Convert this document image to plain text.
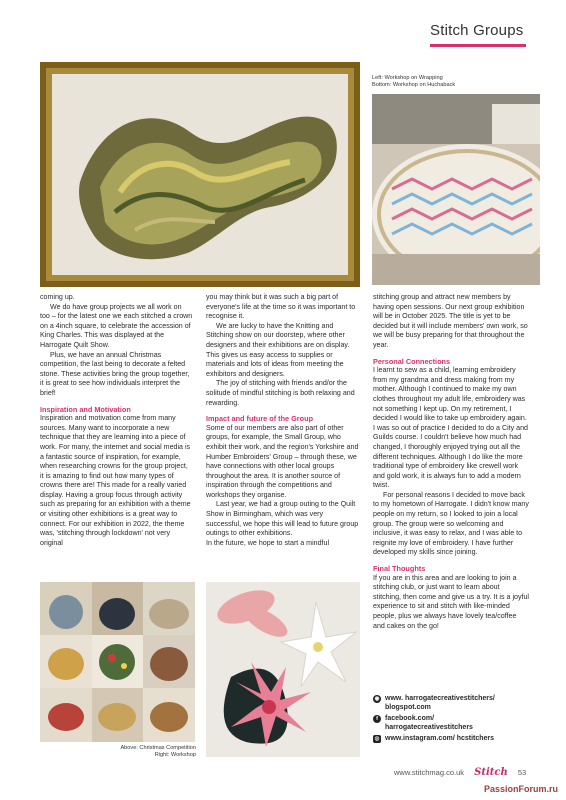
Stitch Groups
Left: Workshop on Wrapping
Bottom: Workshop on Huchaback

coming up.

We do have group projects we all work on too – for the latest one we each stitched a crown on a 4inch square, to celebrate the accession of King Charles. This was displayed at the Harrogate Quilt Show.

Plus, we have an annual Christmas competition, the last being to decorate a felted stone. These activities bring the group together, it is great to see how individuals interpret the brief!

Inspiration and Motivation

Inspiration and motivation come from many sources. Many want to incorporate a new technique that they are learning into a piece of work. For many, the internet and social media is a fantastic source of inspiration, for example, when researching crowns for the group project, it is amazing to find out how many types of crowns there are! This made for a really varied display. Having a group focus through activity such as preparing for an exhibition with a theme or visiting other exhibitions is a great way to connect. For our exhibition in 2022, the theme was, 'stitching through lockdown' not very original

you may think but it was such a big part of everyone's life at the time so it was important to recognise it.

We are lucky to have the Knitting and Stitching show on our doorstep, where other designers and their exhibitions are on display. This gives us easy access to supplies or materials and lots of ideas from meeting the exhibitors and designers.

The joy of stitching with friends and/or the solitude of mindful stitching is both relaxing and rewarding.

Impact and future of the Group

Some of our members are also part of other groups, for example, the Small Group, who exhibit their work, and the region's Yorkshire and Humber Embroiders' Group – through these, we have connections with other local groups throughout the area. It is another source of inspiration through the competitions and workshops they organise.

Last year, we had a group outing to the Quilt Show in Birmingham, which was very successful, we hope this will lead to future group outings to other exhibitions.

In the future, we hope to start a mindful

stitching group and attract new members by having open sessions. Our next group exhibition will be in October 2025. The title is yet to be decided but it will include members' own work, so we will be busy preparing for that throughout the year.

Personal Connections

I learnt to sew as a child, learning embroidery from my grandma and dress making from my mother. Although I continued to make my own clothes throughout my adult life, embroidery was not something I kept up. On my retirement, I decided I would like to take up embroidery again. I was so out of practice I decided to do a City and Guilds course. I couldn't believe how much had changed, I thoroughly enjoyed trying out all the different techniques. Although I do like the more traditional type of embroidery like crewell work and gold work, it is always fun to add a modern twist.

For personal reasons I decided to move back to my hometown of Harrogate. I didn't know many people on my return, so I looked to join a local group. The group were so welcoming and inclusive, it was easy to relax, and I was able to reignite my love of embroidery. I have further developed my skills since joining.

Final Thoughts

If you are in this area and are looking to join a stitching club, or just want to learn about stitching, then come and give us a try. It is a joyful experience to sit and stitch with like-minded people, plus we always have lovely tea/coffee and cakes on the go!

◉ www. harrogatecreativestitchers/
blogspot.com
f	facebook.com/
harrogatecreativestitchers
◎ www.instagram.com/ hcstitchers
Above: Christmas Competition
Right: Workshop
www.stitchmag.co.uk Stitch 53
PassionForum.ru
